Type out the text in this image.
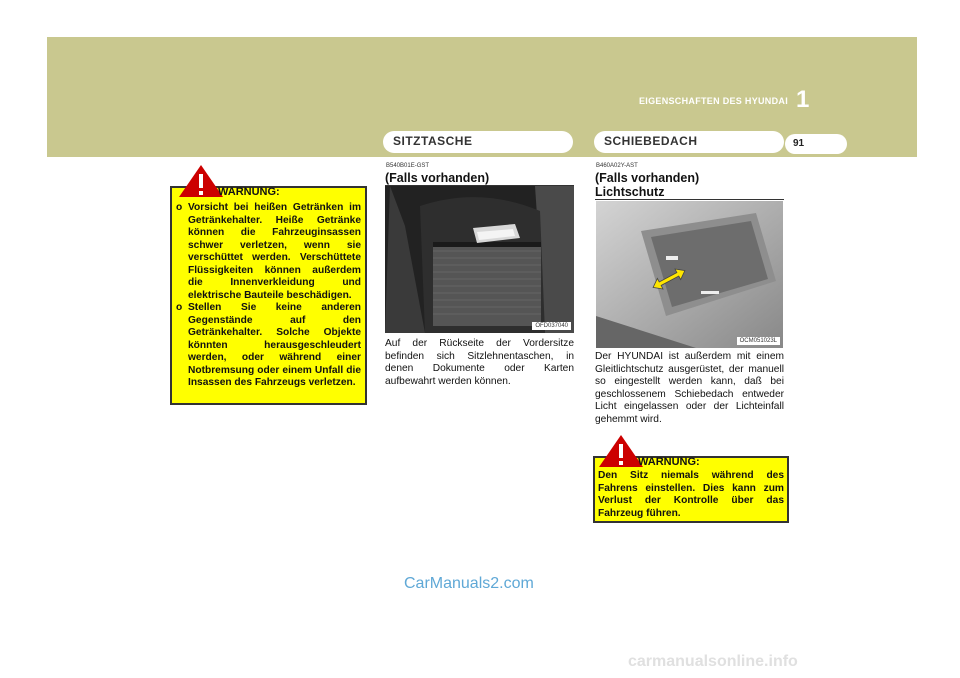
EIGENSCHAFTEN DES HYUNDAI 1
SITZTASCHE	SCHIEBEDACH	91
o Vorsicht bei heißen Getränken im Getränkehalter. Heiße Getränke können die Fahrzeuginsassen schwer verletzen, wenn sie verschüttet werden. Verschüttete Flüssigkeiten können außerdem die Innenverkleidung und elektrische Bauteile beschädigen.
o Stellen Sie keine anderen Gegenstände auf den Getränkehalter. Solche Objekte könnten herausgeschleudert werden, oder während einer Notbremsung oder einem Unfall die Insassen des Fahrzeugs verletzen.
WARNUNG:
B540B01E-GST
(Falls vorhanden)
OFD037040
Auf der Rückseite der Vordersitze befinden sich Sitzlehnentaschen, in denen Dokumente oder Karten aufbewahrt werden können.
B460A02Y-AST
(Falls vorhanden)
Lichtschutz
OCM051023L
Der HYUNDAI ist außerdem mit einem Gleitlichtschutz ausgerüstet, der manuell so eingestellt werden kann, daß bei geschlossenem Schiebedach entweder Licht eingelassen oder der Lichteinfall gehemmt wird.
Den Sitz niemals während des Fahrens einstellen. Dies kann zum Verlust der Kontrolle über das Fahrzeug führen.
WARNUNG:
CarManuals2.com
carmanualsonline.info
